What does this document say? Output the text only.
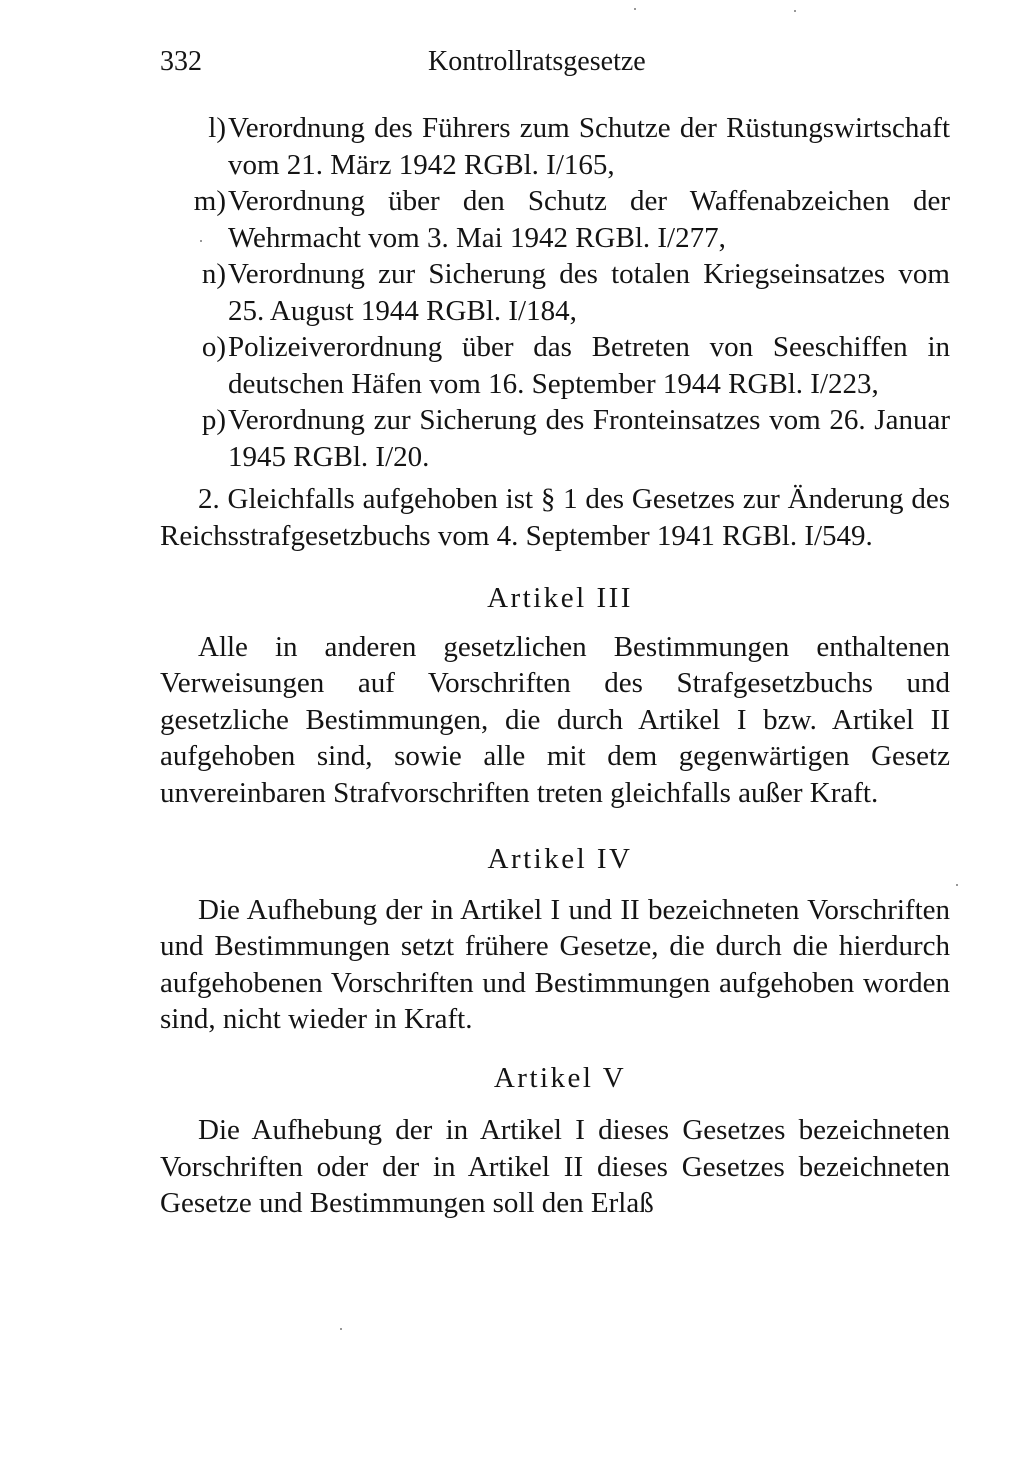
332	Kontrollratsgesetze
l) Verordnung des Führers zum Schutze der Rüstungswirtschaft vom 21. März 1942 RGBl. I/165,
m) Verordnung über den Schutz der Waffenabzeichen der Wehrmacht vom 3. Mai 1942 RGBl. I/277,
n) Verordnung zur Sicherung des totalen Kriegseinsatzes vom 25. August 1944 RGBl. I/184,
o) Polizeiverordnung über das Betreten von Seeschiffen in deutschen Häfen vom 16. September 1944 RGBl. I/223,
p) Verordnung zur Sicherung des Fronteinsatzes vom 26. Januar 1945 RGBl. I/20.

2. Gleichfalls aufgehoben ist § 1 des Gesetzes zur Änderung des Reichsstrafgesetzbuchs vom 4. September 1941 RGBl. I/549.

Artikel III

Alle in anderen gesetzlichen Bestimmungen enthaltenen Verweisungen auf Vorschriften des Strafgesetzbuchs und gesetzliche Bestimmungen, die durch Artikel I bzw. Artikel II aufgehoben sind, sowie alle mit dem gegenwärtigen Gesetz unvereinbaren Strafvorschriften treten gleichfalls außer Kraft.

Artikel IV

Die Aufhebung der in Artikel I und II bezeichneten Vorschriften und Bestimmungen setzt frühere Gesetze, die durch die hierdurch aufgehobenen Vorschriften und Bestimmungen aufgehoben worden sind, nicht wieder in Kraft.

Artikel V

Die Aufhebung der in Artikel I dieses Gesetzes bezeichneten Vorschriften oder der in Artikel II dieses Gesetzes bezeichneten Gesetze und Bestimmungen soll den Erlaß
